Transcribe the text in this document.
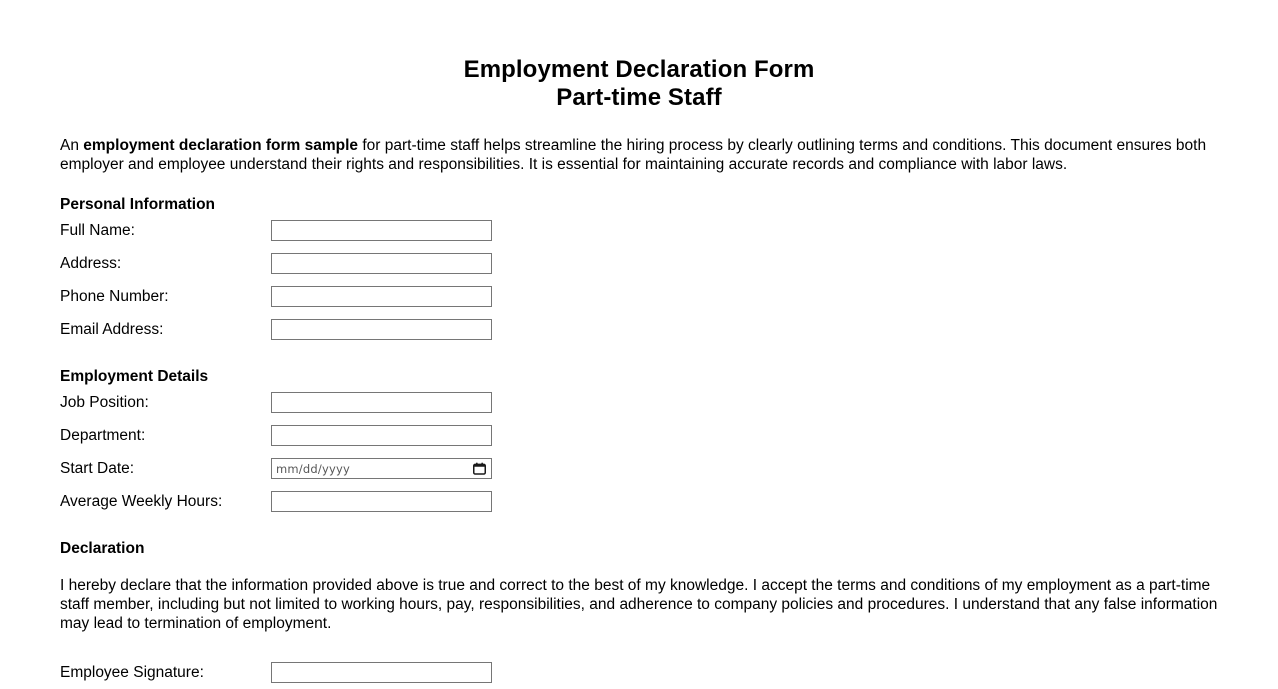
Employment Declaration Form
Part-time Staff

An employment declaration form sample for part-time staff helps streamline the hiring process by clearly outlining terms and conditions. This document ensures both employer and employee understand their rights and responsibilities. It is essential for maintaining accurate records and compliance with labor laws.

Personal Information
Full Name:	

Address:	

Phone Number:	

Email Address:	
Employment Details
Job Position:	

Department:	

Start Date:	mm/dd/yyyy

Average Weekly Hours:	
Declaration

I hereby declare that the information provided above is true and correct to the best of my knowledge. I accept the terms and conditions of my employment as a part-time staff member, including but not limited to working hours, pay, responsibilities, and adherence to company policies and procedures. I understand that any false information may lead to termination of employment.

Employee Signature:	
